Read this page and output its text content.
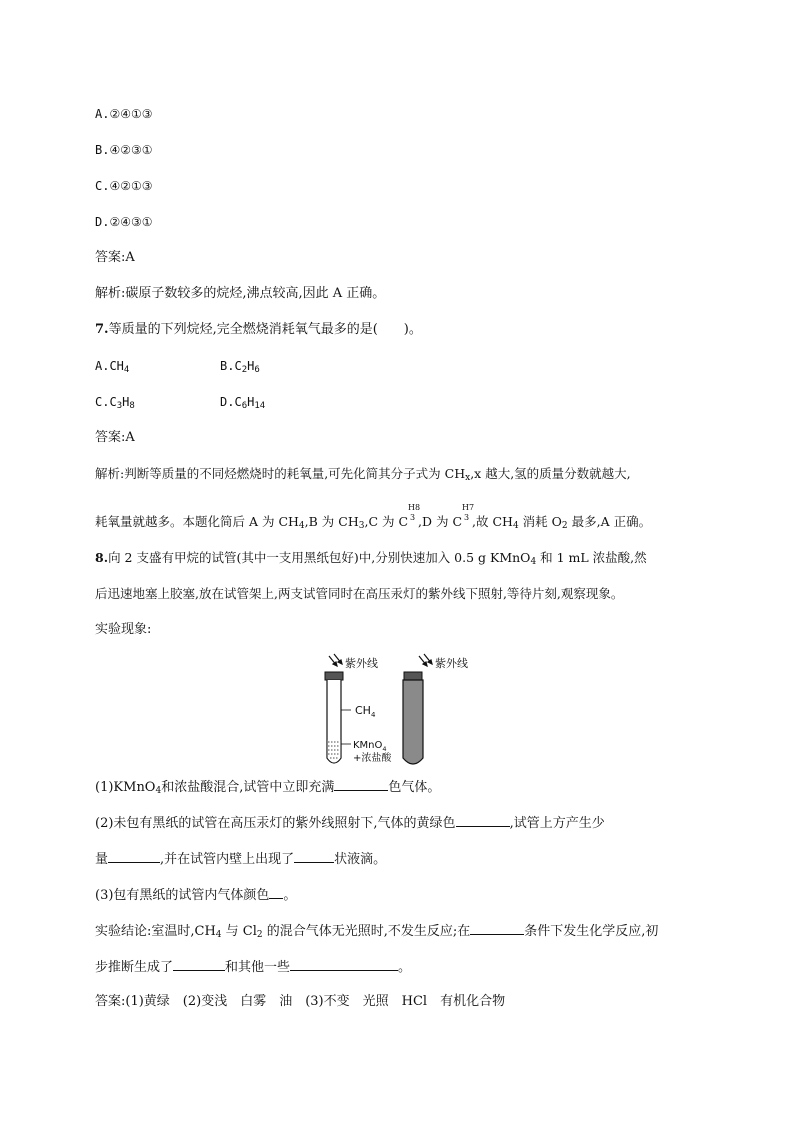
A.②④①③
B.④②③①
C.④②①③
D.②④③①
答案:A
解析:碳原子数较多的烷烃,沸点较高,因此 A 正确。
7.等质量的下列烷烃,完全燃烧消耗氧气最多的是(　　)。
$A.CH_4$	$B.C_2H_6$
$C.C_3H_8$	$D.C_6H_{14}$
答案:A
解析:判断等质量的不同烃燃烧时的耗氧量,可先化简其分子式为 $CH_x,x$ 越大,氢的质量分数就越大,
耗氧量就越多。本题化简后 A 为 $CH_4,B$ 为 $CH_3,C$ 为 C
H8
3 ,D 为 C
H7
3 ,故 $CH_4$ 消耗 $O_2$ 最多,A 正确。
8.向 2 支盛有甲烷的试管(其中一支用黑纸包好)中,分别快速加入 0.5 g KMnO$_4$ 和 1 mL 浓盐酸,然
后迅速地塞上胶塞,放在试管架上,两支试管同时在高压汞灯的紫外线下照射,等待片刻,观察现象。
实验现象:
紫外线
$CH_4$
KMnO$_4$
+浓盐酸
紫外线
(1)KMnO$_4$和浓盐酸混合,试管中立即充满	色气体。
(2)未包有黑纸的试管在高压汞灯的紫外线照射下,气体的黄绿色	,试管上方产生少
量	,并在试管内壁上出现了	状液滴。
(3)包有黑纸的试管内气体颜色 。
实验结论:室温时$,CH_4$ 与 $Cl_2$ 的混合气体无光照时,不发生反应;在	条件下发生化学反应,初
步推断生成了	和其他一些	。
答案:(1)黄绿　(2)变浅　白雾　油　(3)不变　光照　HCl　有机化合物
